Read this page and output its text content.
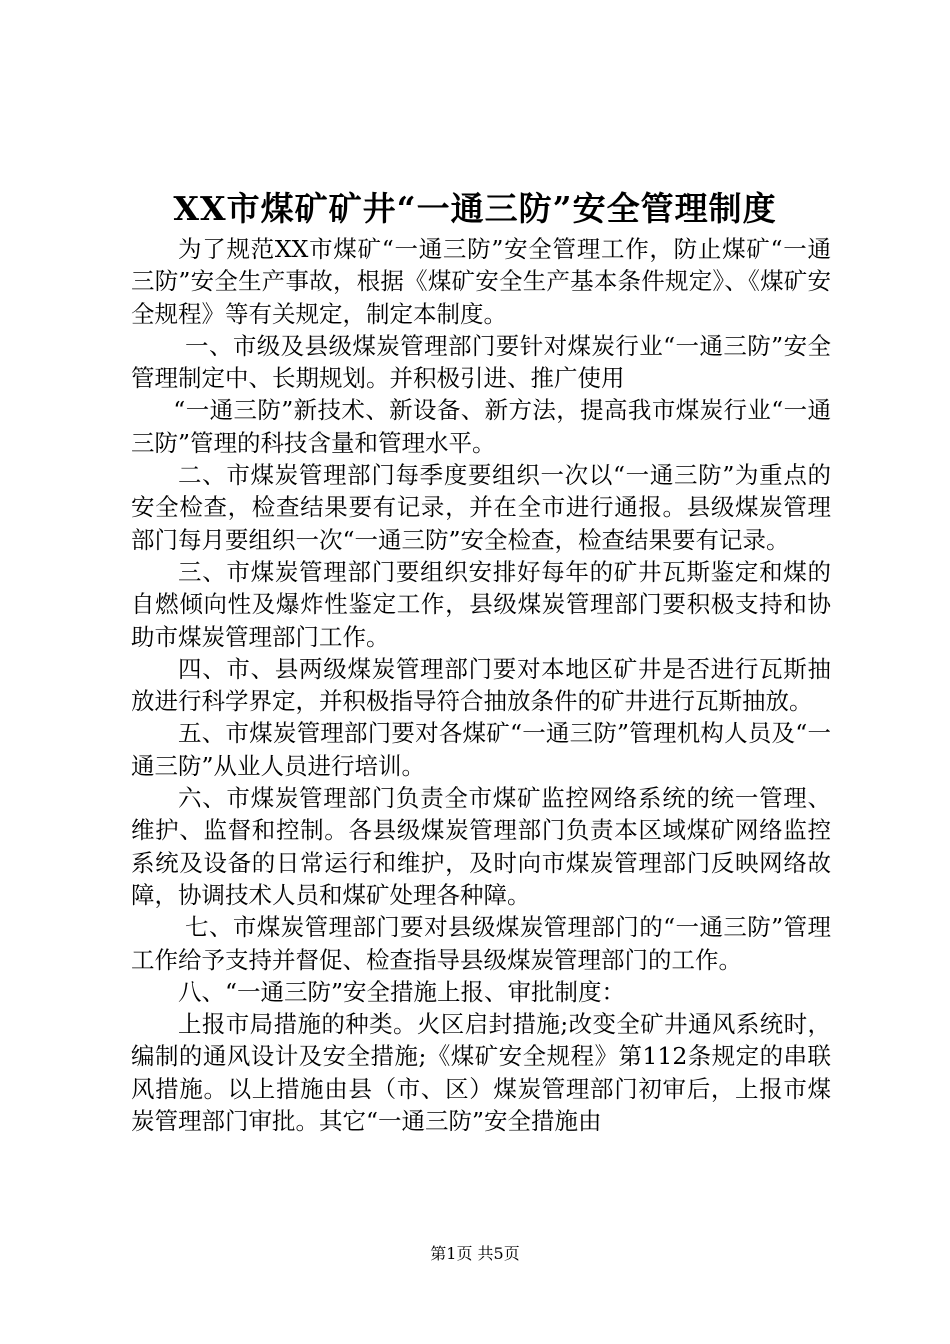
XX市煤矿矿井“一通三防”安全管理制度

为了规范XX市煤矿“一通三防”安全管理工作，防止煤矿“一通三防”安全生产事故，根据《煤矿安全生产基本条件规定》、《煤矿安全规程》等有关规定，制定本制度。

一、市级及县级煤炭管理部门要针对煤炭行业“一通三防”安全管理制定中、长期规划。并积极引进、推广使用

“一通三防”新技术、新设备、新方法，提高我市煤炭行业“一通三防”管理的科技含量和管理水平。

二、市煤炭管理部门每季度要组织一次以“一通三防”为重点的安全检查，检查结果要有记录，并在全市进行通报。县级煤炭管理部门每月要组织一次“一通三防”安全检查，检查结果要有记录。

三、市煤炭管理部门要组织安排好每年的矿井瓦斯鉴定和煤的自燃倾向性及爆炸性鉴定工作，县级煤炭管理部门要积极支持和协助市煤炭管理部门工作。

四、市、县两级煤炭管理部门要对本地区矿井是否进行瓦斯抽放进行科学界定，并积极指导符合抽放条件的矿井进行瓦斯抽放。

五、市煤炭管理部门要对各煤矿“一通三防”管理机构人员及“一通三防”从业人员进行培训。

六、市煤炭管理部门负责全市煤矿监控网络系统的统一管理、维护、监督和控制。各县级煤炭管理部门负责本区域煤矿网络监控系统及设备的日常运行和维护，及时向市煤炭管理部门反映网络故障，协调技术人员和煤矿处理各种障。

七、市煤炭管理部门要对县级煤炭管理部门的“一通三防”管理工作给予支持并督促、检查指导县级煤炭管理部门的工作。

八、“一通三防”安全措施上报、审批制度：

上报市局措施的种类。火区启封措施;改变全矿井通风系统时，编制的通风设计及安全措施;《煤矿安全规程》第112条规定的串联风措施。以上措施由县（市、区）煤炭管理部门初审后，上报市煤炭管理部门审批。其它“一通三防”安全措施由

第1页 共5页
